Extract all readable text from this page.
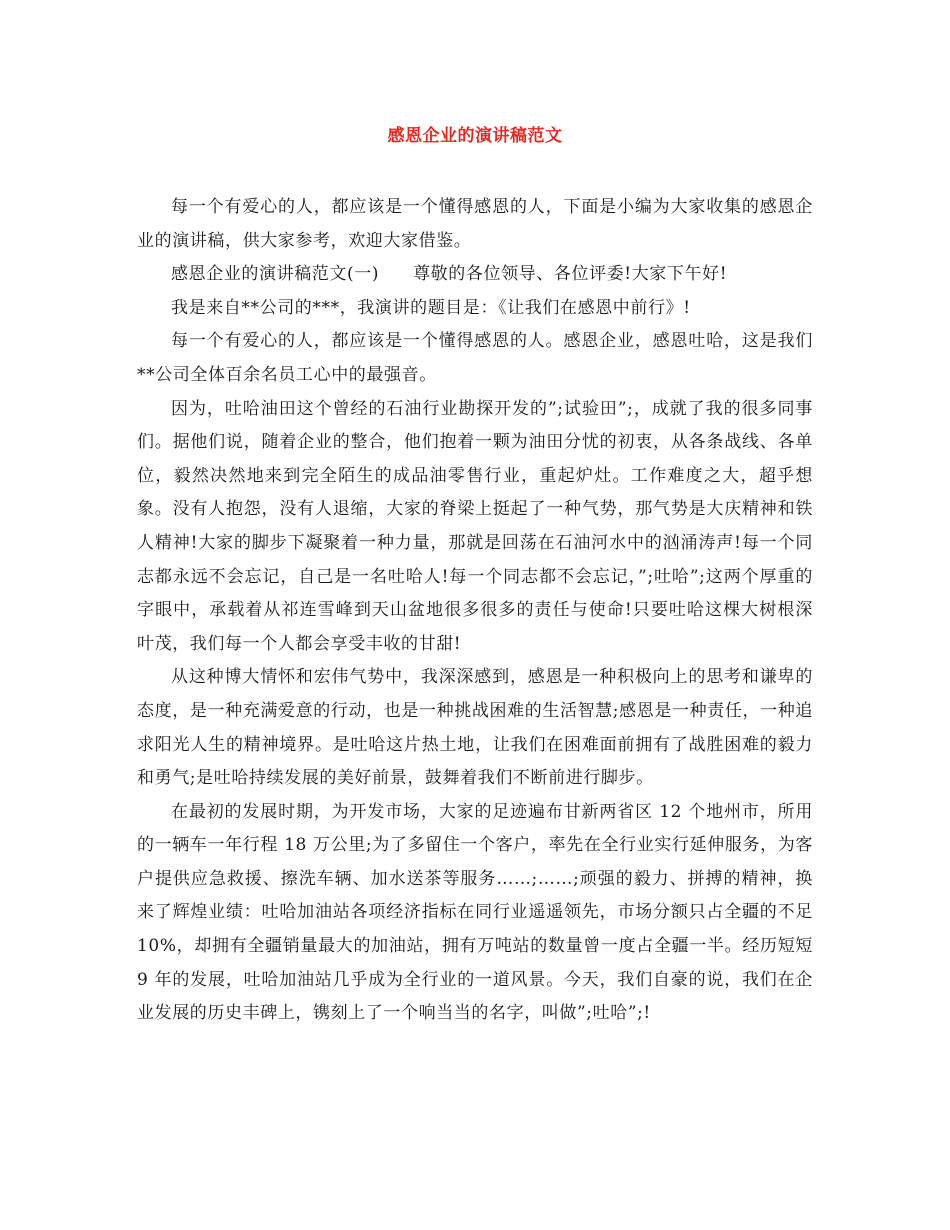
感恩企业的演讲稿范文

每一个有爱心的人，都应该是一个懂得感恩的人，下面是小编为大家收集的感恩企业的演讲稿，供大家参考，欢迎大家借鉴。

感恩企业的演讲稿范文(一) 尊敬的各位领导、各位评委!大家下午好!

我是来自**公司的***，我演讲的题目是：《让我们在感恩中前行》!

每一个有爱心的人，都应该是一个懂得感恩的人。感恩企业，感恩吐哈，这是我们**公司全体百余名员工心中的最强音。

因为，吐哈油田这个曾经的石油行业勘探开发的”;试验田”;，成就了我的很多同事们。据他们说，随着企业的整合，他们抱着一颗为油田分忧的初衷，从各条战线、各单位，毅然决然地来到完全陌生的成品油零售行业，重起炉灶。工作难度之大，超乎想象。没有人抱怨，没有人退缩，大家的脊梁上挺起了一种气势，那气势是大庆精神和铁人精神!大家的脚步下凝聚着一种力量，那就是回荡在石油河水中的汹涌涛声!每一个同志都永远不会忘记，自己是一名吐哈人!每一个同志都不会忘记，”;吐哈”;这两个厚重的字眼中，承载着从祁连雪峰到天山盆地很多很多的责任与使命!只要吐哈这棵大树根深叶茂，我们每一个人都会享受丰收的甘甜!

从这种博大情怀和宏伟气势中，我深深感到，感恩是一种积极向上的思考和谦卑的态度，是一种充满爱意的行动，也是一种挑战困难的生活智慧;感恩是一种责任，一种追求阳光人生的精神境界。是吐哈这片热土地，让我们在困难面前拥有了战胜困难的毅力和勇气;是吐哈持续发展的美好前景，鼓舞着我们不断前进行脚步。

在最初的发展时期，为开发市场，大家的足迹遍布甘新两省区 12 个地州市，所用的一辆车一年行程 18 万公里;为了多留住一个客户，率先在全行业实行延伸服务，为客户提供应急救援、擦洗车辆、加水送茶等服务……;……;顽强的毅力、拼搏的精神，换来了辉煌业绩：吐哈加油站各项经济指标在同行业遥遥领先，市场分额只占全疆的不足 10%，却拥有全疆销量最大的加油站，拥有万吨站的数量曾一度占全疆一半。经历短短 9 年的发展，吐哈加油站几乎成为全行业的一道风景。今天，我们自豪的说，我们在企业发展的历史丰碑上，镌刻上了一个响当当的名字，叫做”;吐哈”;!
